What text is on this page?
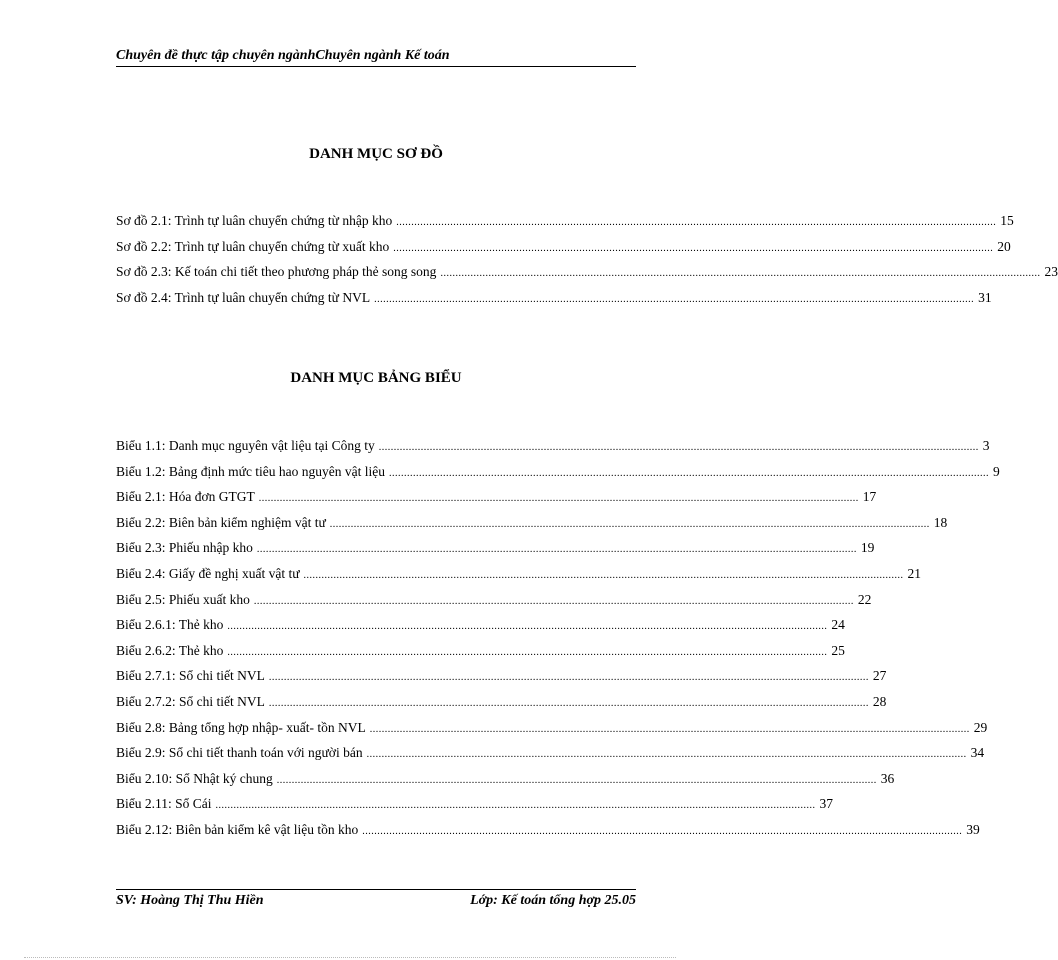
Chuyên đề thực tập chuyên ngànhChuyên ngành Kế toán
DANH MỤC SƠ ĐỒ
Sơ đồ 2.1: Trình tự luân chuyển chứng từ nhập kho ........................................................................................................................................................................................................ 15
Sơ đồ 2.2: Trình tự luân chuyển chứng từ xuất kho ........................................................................................................................................................................................................ 20
Sơ đồ 2.3: Kế toán chi tiết theo phương pháp thẻ song song ........................................................................................................................................................................................................ 23
Sơ đồ 2.4: Trình tự luân chuyển chứng từ NVL ........................................................................................................................................................................................................ 31
DANH MỤC BẢNG BIỂU
Biểu 1.1: Danh mục nguyên vật liệu tại Công ty ........................................................................................................................................................................................................ 3
Biểu 1.2: Bảng định mức tiêu hao nguyên vật liệu ........................................................................................................................................................................................................ 9
Biểu 2.1: Hóa đơn GTGT ........................................................................................................................................................................................................ 17
Biểu 2.2: Biên bản kiểm nghiệm vật tư ........................................................................................................................................................................................................ 18
Biểu 2.3: Phiếu nhập kho ........................................................................................................................................................................................................ 19
Biểu 2.4: Giấy đề nghị xuất vật tư ........................................................................................................................................................................................................ 21
Biểu 2.5: Phiếu xuất kho ........................................................................................................................................................................................................ 22
Biểu 2.6.1: Thẻ kho ........................................................................................................................................................................................................ 24
Biểu 2.6.2: Thẻ kho ........................................................................................................................................................................................................ 25
Biểu 2.7.1: Sổ chi tiết NVL ........................................................................................................................................................................................................ 27
Biểu 2.7.2: Sổ chi tiết NVL ........................................................................................................................................................................................................ 28
Biểu 2.8: Bảng tổng hợp nhập- xuất- tồn NVL ........................................................................................................................................................................................................ 29
Biểu 2.9: Sổ chi tiết thanh toán với người bán ........................................................................................................................................................................................................ 34
Biểu 2.10: Sổ Nhật ký chung ........................................................................................................................................................................................................ 36
Biểu 2.11: Sổ Cái ........................................................................................................................................................................................................ 37
Biểu 2.12: Biên bản kiểm kê vật liệu tồn kho ........................................................................................................................................................................................................ 39
SV: Hoàng Thị Thu Hiền	Lớp: Kế toán tổng hợp 25.05
